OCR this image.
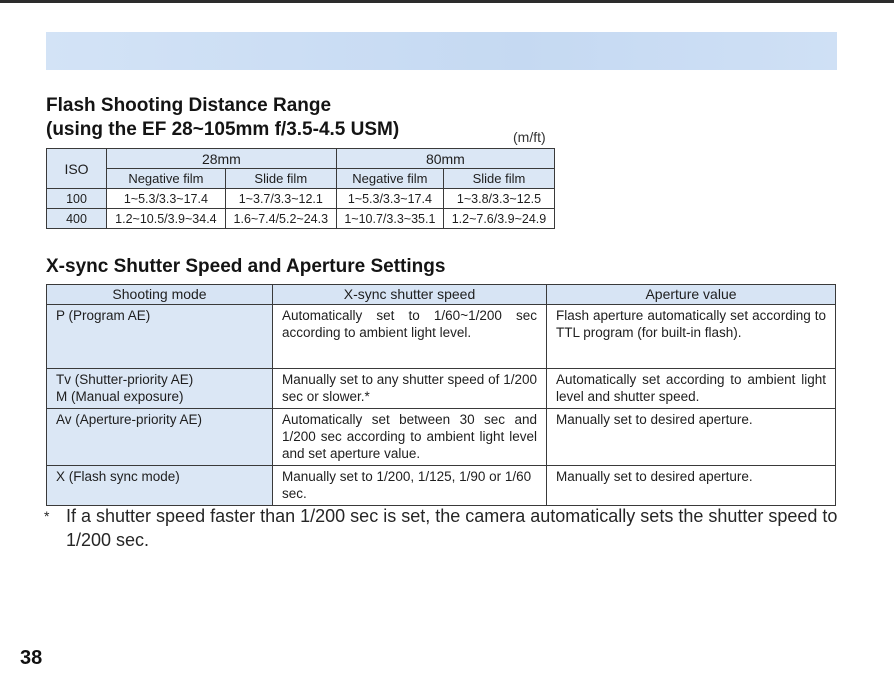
Flash Shooting Distance Range
(using the EF 28~105mm f/3.5-4.5 USM)	(m/ft)
ISO	28mm		80mm	
	Negative film	Slide film	Negative film	Slide film
100	1~5.3/3.3~17.4	1~3.7/3.3~12.1	1~5.3/3.3~17.4	1~3.8/3.3~12.5
400	1.2~10.5/3.9~34.4	1.6~7.4/5.2~24.3	1~10.7/3.3~35.1	1.2~7.6/3.9~24.9
X-sync Shutter Speed and Aperture Settings
Shooting mode	X-sync shutter speed	Aperture value
P (Program AE)	Automatically set to 1/60~1/200 sec according to ambient light level.	Flash aperture automatically set according to TTL program (for built-in flash).

Tv (Shutter-priority AE)
M (Manual exposure)	Manually set to any shutter speed of 1/200 sec or slower.*	Automatically set according to ambient light level and shutter speed.
Av (Aperture-priority AE)	Automatically set between 30 sec and 1/200 sec according to ambient light level and set aperture value.	Manually set to desired aperture.
X (Flash sync mode)	Manually set to 1/200, 1/125, 1/90 or 1/60 sec.	Manually set to desired aperture.
* If a shutter speed faster than 1/200 sec is set, the camera automatically sets the shutter speed to 1/200 sec.
38
